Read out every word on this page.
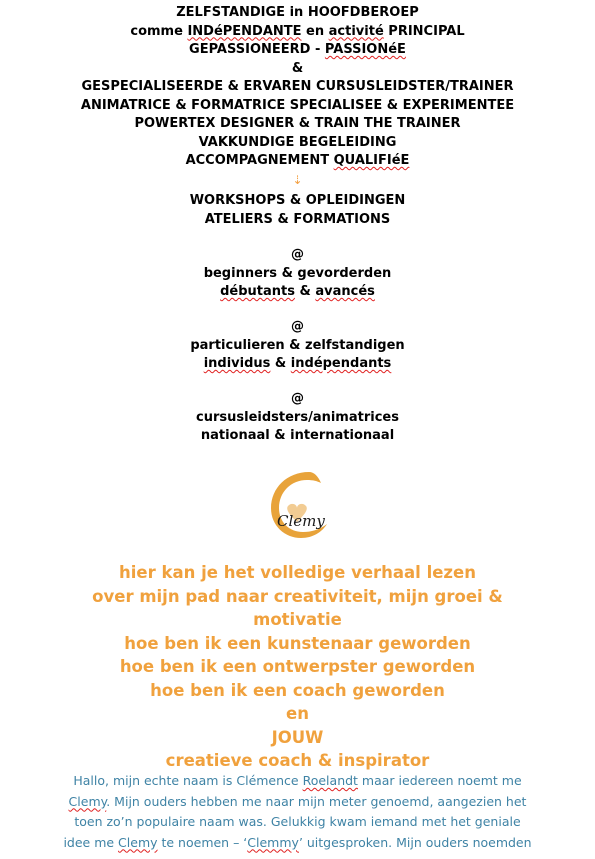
ZELFSTANDIGE in HOOFDBEROEP
comme INDéPENDANTE en activité PRINCIPAL
GEPASSIONEERD - PASSIONéE
&
GESPECIALISEERDE & ERVAREN CURSUSLEIDSTER/TRAINER
ANIMATRICE & FORMATRICE SPECIALISEE & EXPERIMENTEE
POWERTEX DESIGNER & TRAIN THE TRAINER
VAKKUNDIGE BEGELEIDING
ACCOMPAGNEMENT QUALIFIéE
⇣
WORKSHOPS & OPLEIDINGEN
ATELIERS & FORMATIONS
@
beginners & gevorderden
débutants & avancés
@
particulieren & zelfstandigen
individus & indépendants
@
cursusleidsters/animatrices
nationaal & internationaal
Clemy
hier kan je het volledige verhaal lezen
over mijn pad naar creativiteit, mijn groei &
motivatie
hoe ben ik een kunstenaar geworden
hoe ben ik een ontwerpster geworden
hoe ben ik een coach geworden
en
JOUW
creatieve coach & inspirator
Hallo, mijn echte naam is Clémence Roelandt maar iedereen noemt me
Clemy. Mijn ouders hebben me naar mijn meter genoemd, aangezien het
toen zo’n populaire naam was. Gelukkig kwam iemand met het geniale
idee me Clemy te noemen – ‘Clemmy’ uitgesproken. Mijn ouders noemden
